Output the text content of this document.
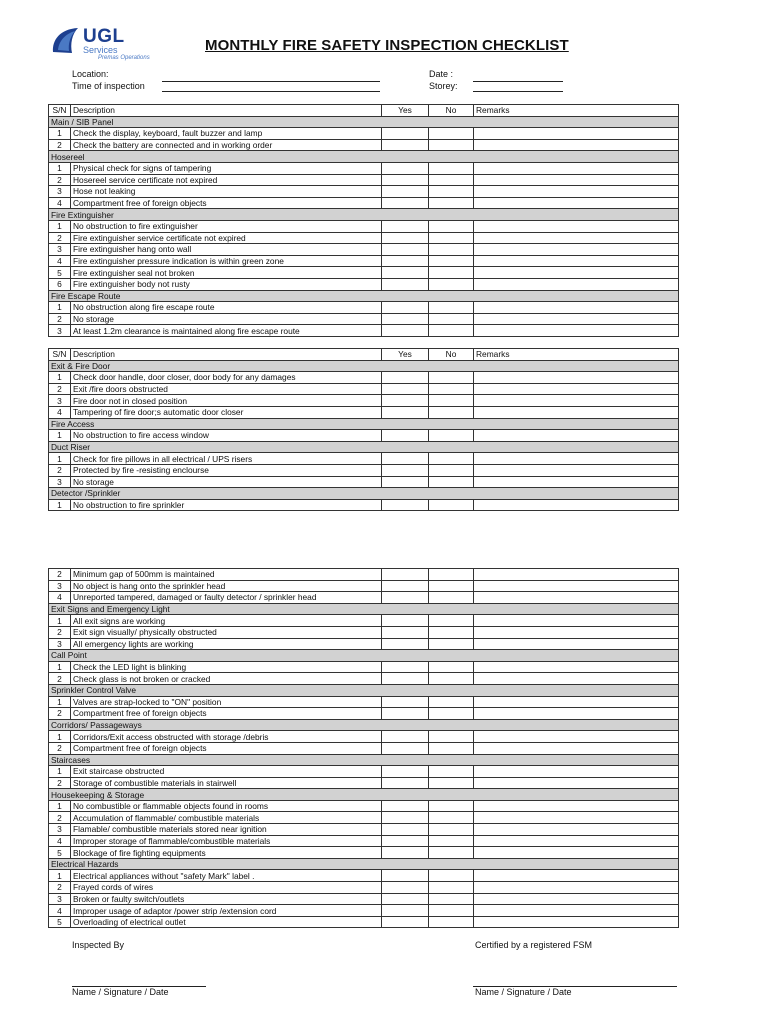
UGL
Services
Premas Operations
MONTHLY FIRE SAFETY INSPECTION CHECKLIST
Location:
Time of inspection
Date :
Storey:
S/N	Description	Yes	No	Remarks
Main / SIB Panel				
1	Check the display, keyboard, fault buzzer and lamp			
2	Check the battery are connected and in working order			
Hosereel				
1	Physical check for signs of tampering			
2	Hosereel service certificate not expired			
3	Hose not leaking			
4	Compartment free of foreign objects			
Fire Extinguisher				
1	No obstruction to fire extinguisher			
2	Fire extinguisher service certificate not expired			
3	Fire extinguisher hang onto wall			
4	Fire extinguisher pressure indication is within green zone			
5	Fire extinguisher seal not broken			
6	Fire extinguisher body not rusty			
Fire Escape Route				
1	No obstruction along fire escape route			
2	No storage			
3	At least 1.2m clearance is maintained along fire escape route			
S/N	Description	Yes	No	Remarks
Exit & Fire Door				
1	Check door handle, door closer, door body for any damages			
2	Exit /fire doors obstructed			
3	Fire door not in closed position			
4	Tampering of fire door;s automatic door closer			
Fire Access				
1	No obstruction to fire access window			
Duct Riser				
1	Check for fire pillows in all electrical / UPS risers			
2	Protected by fire -resisting enclourse			
3	No storage			
Detector /Sprinkler				
1	No obstruction to fire sprinkler			
2	Minimum gap of 500mm is maintained			
3	No object is hang onto the sprinkler head			
4	Unreported tampered, damaged or faulty detector / sprinkler head			
Exit Signs and Emergency Light				
1	All exit signs are working			
2	Exit sign visually/ physically obstructed			
3	All emergency lights are working			
Call Point				
1	Check the LED light is blinking			
2	Check glass is not broken or cracked			
Sprinkler Control Valve				
1	Valves are strap-locked to "ON" position			
2	Compartment free of foreign objects			
Corridors/ Passageways				
1	Corridors/Exit access obstructed with storage /debris			
2	Compartment free of foreign objects			
Staircases				
1	Exit staircase obstructed			
2	Storage of combustible materials in stairwell			
Housekeeping & Storage				
1	No combustible or flammable objects found in rooms			
2	Accumulation of flammable/ combustible materials			
3	Flamable/ combustible materials stored near ignition			
4	Improper storage of flammable/combustible materials			
5	Blockage of fire fighting equipments			
Electrical Hazards				
1	Electrical appliances without "safety Mark" label .			
2	Frayed cords of wires			
3	Broken or faulty switch/outlets			
4	Improper usage of adaptor /power strip /extension cord			
5	Overloading of electrical outlet			
Inspected By	Certified by a registered FSM
Name / Signature / Date	Name / Signature / Date
